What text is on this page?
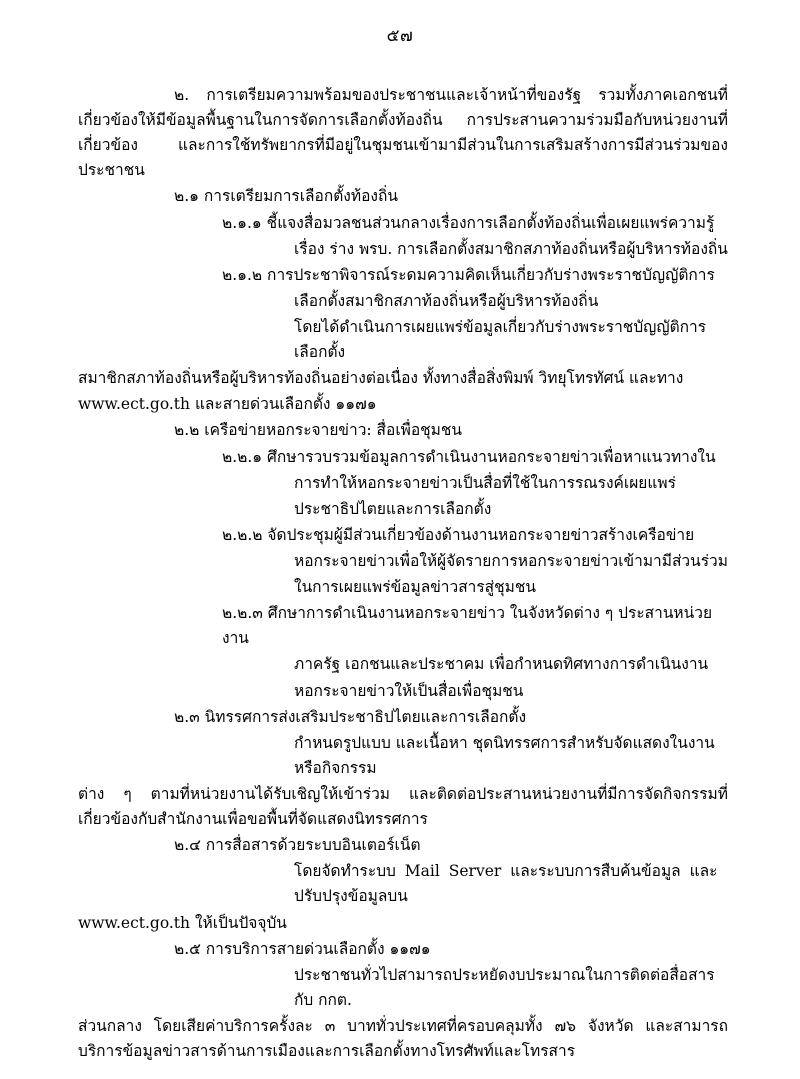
๕๗

๒. การเตรียมความพร้อมของประชาชนและเจ้าหน้าที่ของรัฐ รวมทั้งภาคเอกชนที่เกี่ยวข้องให้มีข้อมูลพื้นฐานในการจัดการเลือกตั้งท้องถิ่น การประสานความร่วมมือกับหน่วยงานที่เกี่ยวข้อง และการใช้ทรัพยากรที่มีอยู่ในชุมชนเข้ามามีส่วนในการเสริมสร้างการมีส่วนร่วมของประชาชน

๒.๑ การเตรียมการเลือกตั้งท้องถิ่น

๒.๑.๑ ชี้แจงสื่อมวลชนส่วนกลางเรื่องการเลือกตั้งท้องถิ่นเพื่อเผยแพร่ความรู้

เรื่อง ร่าง พรบ. การเลือกตั้งสมาชิกสภาท้องถิ่นหรือผู้บริหารท้องถิ่น

๒.๑.๒ การประชาพิจารณ์ระดมความคิดเห็นเกี่ยวกับร่างพระราชบัญญัติการ

เลือกตั้งสมาชิกสภาท้องถิ่นหรือผู้บริหารท้องถิ่น

โดยได้ดำเนินการเผยแพร่ข้อมูลเกี่ยวกับร่างพระราชบัญญัติการเลือกตั้ง

สมาชิกสภาท้องถิ่นหรือผู้บริหารท้องถิ่นอย่างต่อเนื่อง ทั้งทางสื่อสิ่งพิมพ์ วิทยุโทรทัศน์ และทาง

www.ect.go.th และสายด่วนเลือกตั้ง ๑๑๗๑

๒.๒ เครือข่ายหอกระจายข่าว: สื่อเพื่อชุมชน

๒.๒.๑ ศึกษารวบรวมข้อมูลการดำเนินงานหอกระจายข่าวเพื่อหาแนวทางใน

การทำให้หอกระจายข่าวเป็นสื่อที่ใช้ในการรณรงค์เผยแพร่

ประชาธิปไตยและการเลือกตั้ง

๒.๒.๒ จัดประชุมผู้มีส่วนเกี่ยวข้องด้านงานหอกระจายข่าวสร้างเครือข่าย

หอกระจายข่าวเพื่อให้ผู้จัดรายการหอกระจายข่าวเข้ามามีส่วนร่วม

ในการเผยแพร่ข้อมูลข่าวสารสู่ชุมชน

๒.๒.๓ ศึกษาการดำเนินงานหอกระจายข่าว ในจังหวัดต่าง ๆ ประสานหน่วยงาน

ภาครัฐ เอกชนและประชาคม เพื่อกำหนดทิศทางการดำเนินงาน

หอกระจายข่าวให้เป็นสื่อเพื่อชุมชน

๒.๓ นิทรรศการส่งเสริมประชาธิปไตยและการเลือกตั้ง

กำหนดรูปแบบ และเนื้อหา ชุดนิทรรศการสำหรับจัดแสดงในงาน หรือกิจกรรม

ต่าง ๆ ตามที่หน่วยงานได้รับเชิญให้เข้าร่วม และติดต่อประสานหน่วยงานที่มีการจัดกิจกรรมที่เกี่ยวข้องกับสำนักงานเพื่อขอพื้นที่จัดแสดงนิทรรศการ

๒.๔ การสื่อสารด้วยระบบอินเตอร์เน็ต

โดยจัดทำระบบ Mail Server และระบบการสืบค้นข้อมูล และปรับปรุงข้อมูลบน

www.ect.go.th ให้เป็นปัจจุบัน

๒.๕ การบริการสายด่วนเลือกตั้ง ๑๑๗๑

ประชาชนทั่วไปสามารถประหยัดงบประมาณในการติดต่อสื่อสารกับ กกต.

ส่วนกลาง โดยเสียค่าบริการครั้งละ ๓ บาททั่วประเทศที่ครอบคลุมทั้ง ๗๖ จังหวัด และสามารถบริการข้อมูลข่าวสารด้านการเมืองและการเลือกตั้งทางโทรศัพท์และโทรสาร
